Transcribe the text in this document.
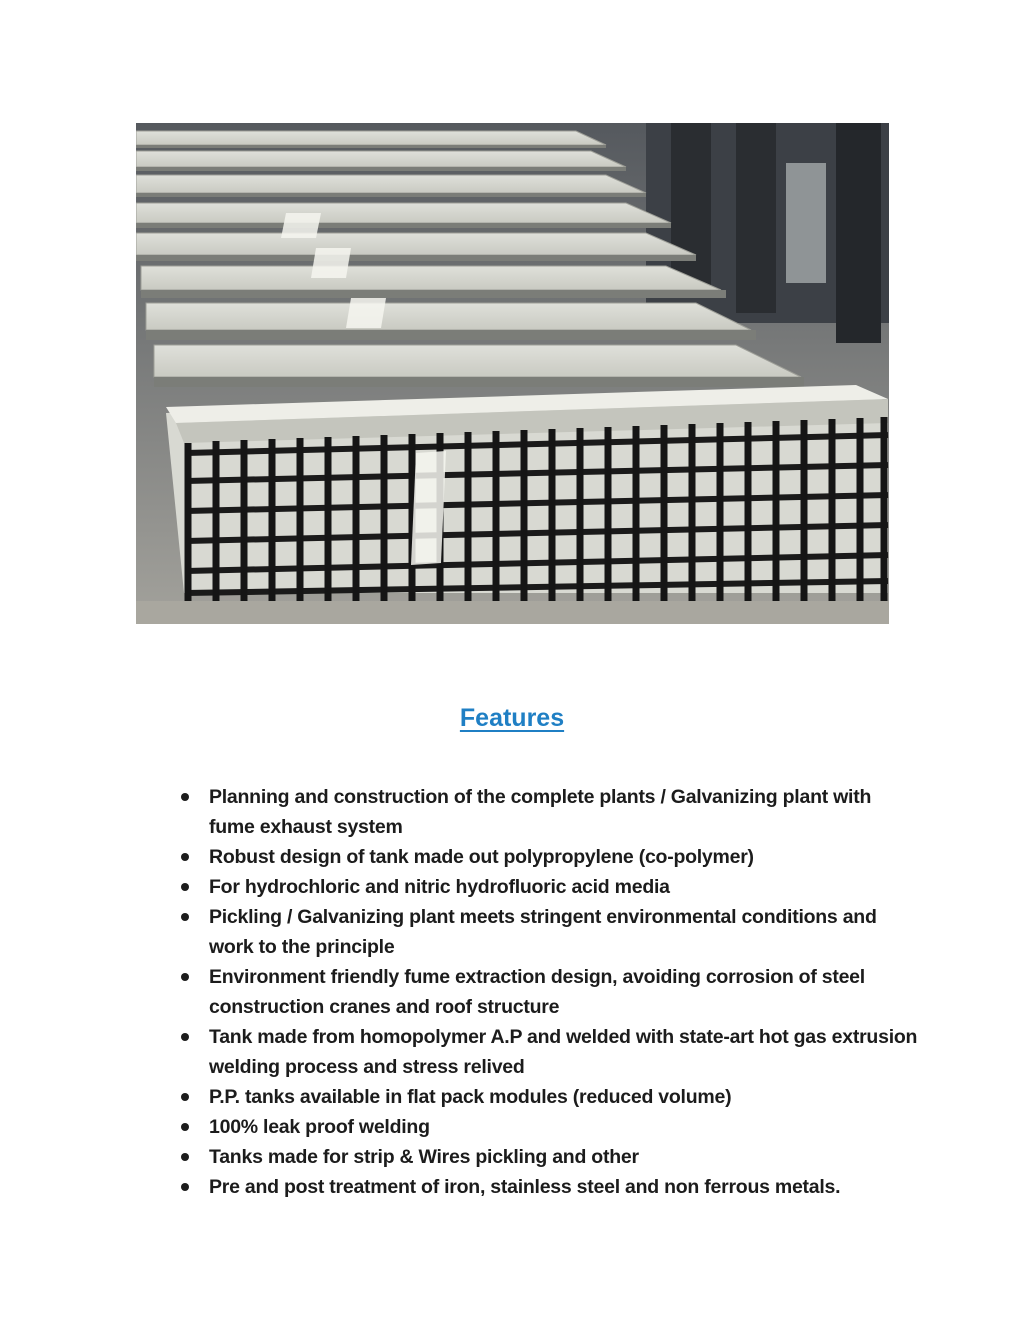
Features
Planning and construction of the complete plants / Galvanizing plant with fume exhaust system
Robust design of tank made out polypropylene (co-polymer)
For hydrochloric and nitric hydrofluoric acid media
Pickling / Galvanizing plant meets stringent environmental conditions and work to the principle
Environment friendly fume extraction design, avoiding corrosion of steel construction cranes and roof structure
Tank made from homopolymer A.P and welded with state-art hot gas extrusion welding process and stress relived
P.P. tanks available in flat pack modules (reduced volume)
100% leak proof welding
Tanks made for strip & Wires pickling and other
Pre and post treatment of iron, stainless steel and non ferrous metals.
